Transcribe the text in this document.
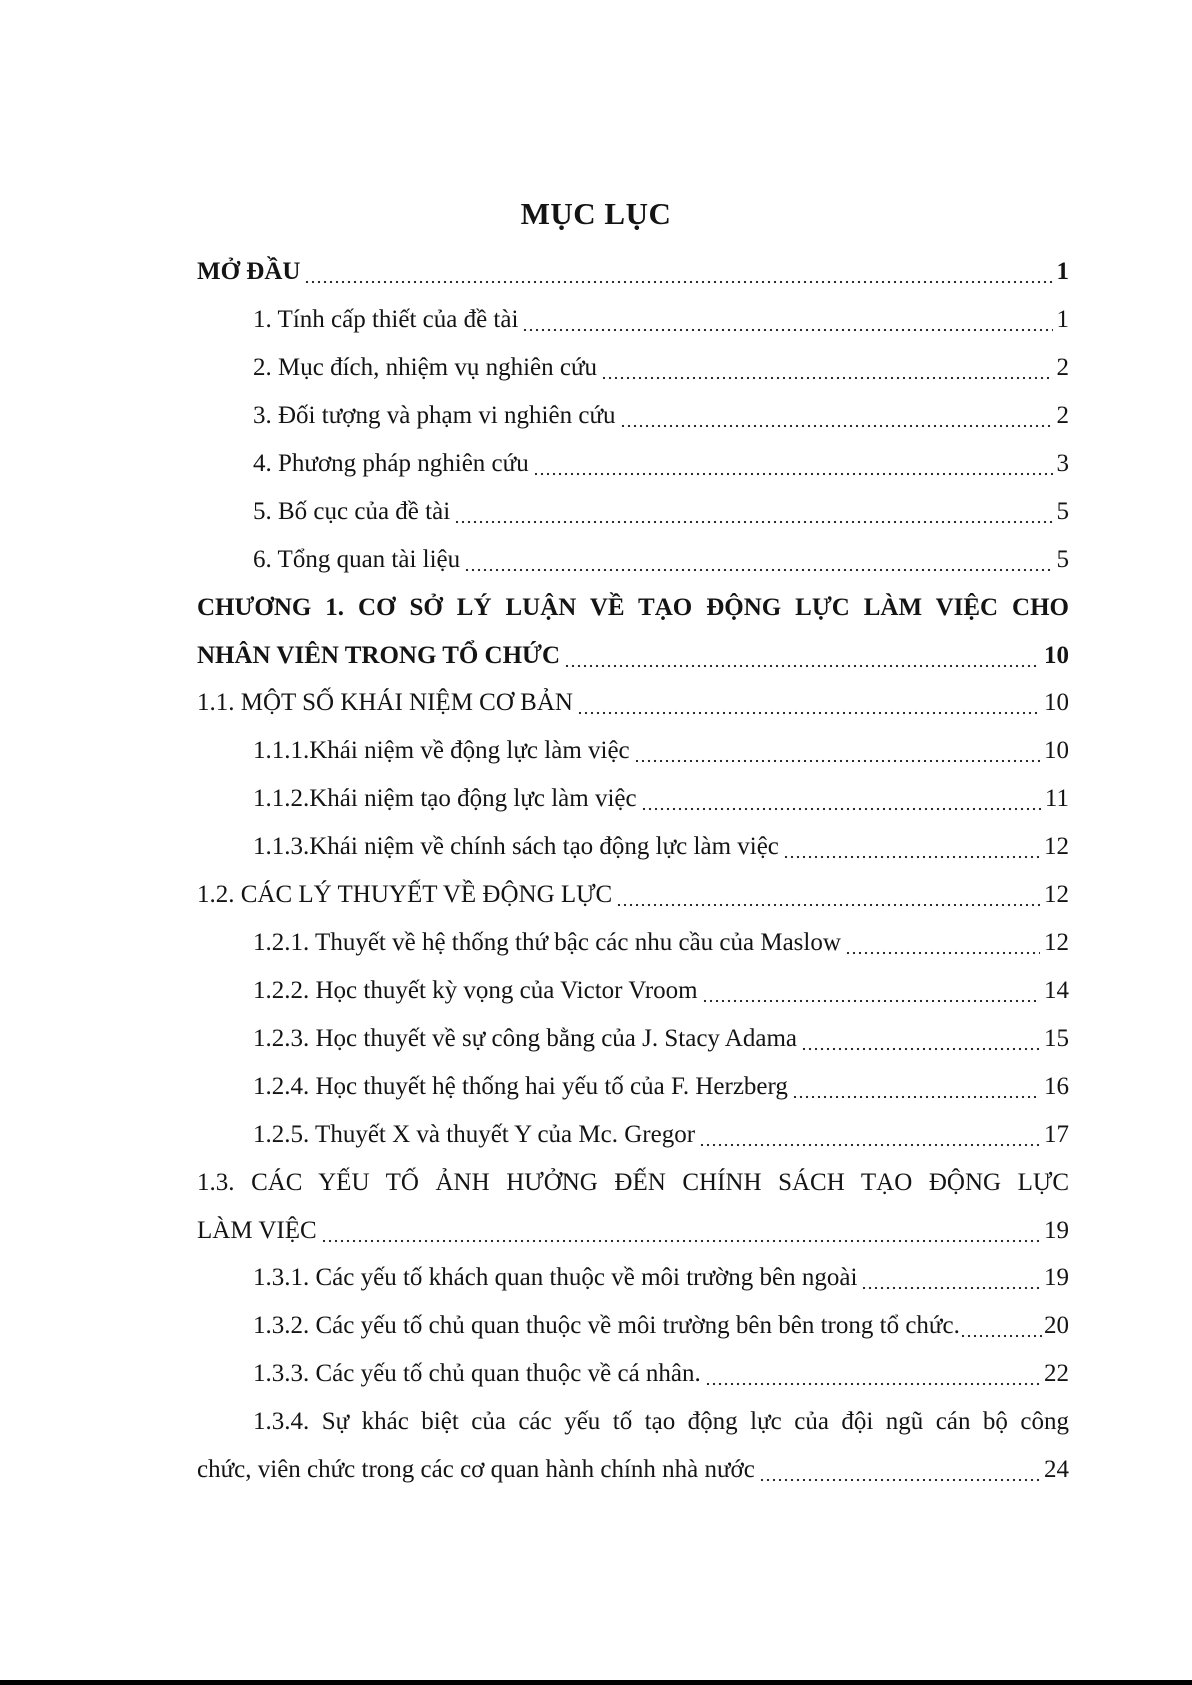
MỤC LỤC
MỞ ĐẦU	1
1. Tính cấp thiết của đề tài	1
2. Mục đích, nhiệm vụ nghiên cứu	2
3. Đối tượng và phạm vi nghiên cứu	2
4. Phương pháp nghiên cứu	3
5. Bố cục của đề tài	5
6. Tổng quan tài liệu	5
CHƯƠNG 1. CƠ SỞ LÝ LUẬN VỀ TẠO ĐỘNG LỰC LÀM VIỆC CHO
NHÂN VIÊN TRONG TỔ CHỨC	10
1.1. MỘT SỐ KHÁI NIỆM CƠ BẢN	10
1.1.1.Khái niệm về động lực làm việc	10
1.1.2.Khái niệm tạo động lực làm việc	11
1.1.3.Khái niệm về chính sách tạo động lực làm việc	12
1.2. CÁC LÝ THUYẾT VỀ ĐỘNG LỰC	12
1.2.1. Thuyết về hệ thống thứ bậc các nhu cầu của Maslow	12
1.2.2. Học thuyết kỳ vọng của Victor Vroom	14
1.2.3. Học thuyết về sự công bằng của J. Stacy Adama	15
1.2.4. Học thuyết hệ thống hai yếu tố của F. Herzberg	16
1.2.5. Thuyết X và thuyết Y của Mc. Gregor	17
1.3. CÁC YẾU TỐ ẢNH HƯỞNG ĐẾN CHÍNH SÁCH TẠO ĐỘNG LỰC
LÀM VIỆC	19
1.3.1. Các yếu tố khách quan thuộc về môi trường bên ngoài	19
1.3.2. Các yếu tố chủ quan thuộc về môi trường bên bên trong tổ chức.	20
1.3.3. Các yếu tố chủ quan thuộc về cá nhân.	22
1.3.4. Sự khác biệt của các yếu tố tạo động lực của đội ngũ cán bộ công
chức, viên chức trong các cơ quan hành chính nhà nước	24
